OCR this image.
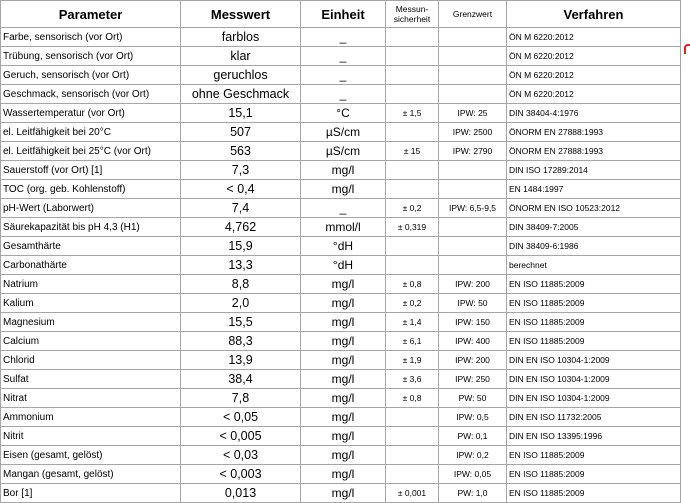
Parameter	Messwert	Einheit	Messun- sicherheit	Grenzwert	Verfahren
Farbe, sensorisch (vor Ort)	farblos	_			ÖN M 6220:2012
Trübung, sensorisch (vor Ort)	klar	_			ÖN M 6220:2012
Geruch, sensorisch (vor Ort)	geruchlos	_			ÖN M 6220:2012
Geschmack, sensorisch (vor Ort)	ohne Geschmack	_			ÖN M 6220:2012
Wassertemperatur (vor Ort)	15,1	°C	± 1,5	IPW: 25	DIN 38404-4:1976
el. Leitfähigkeit bei 20°C	507	µS/cm		IPW: 2500	ÖNORM EN 27888:1993
el. Leitfähigkeit bei 25°C (vor Ort)	563	µS/cm	± 15	IPW: 2790	ÖNORM EN 27888:1993
Sauerstoff (vor Ort) [1]	7,3	mg/l			DIN ISO 17289:2014
TOC (org. geb. Kohlenstoff)	< 0,4	mg/l			EN 1484:1997
pH-Wert (Laborwert)	7,4	_	± 0,2	IPW: 6,5-9,5	ÖNORM EN ISO 10523:2012
Säurekapazität bis pH 4,3 (H1)	4,762	mmol/l	± 0,319		DIN 38409-7:2005
Gesamthärte	15,9	°dH			DIN 38409-6:1986
Carbonathärte	13,3	°dH			berechnet
Natrium	8,8	mg/l	± 0,8	IPW: 200	EN ISO 11885:2009
Kalium	2,0	mg/l	± 0,2	IPW: 50	EN ISO 11885:2009
Magnesium	15,5	mg/l	± 1,4	IPW: 150	EN ISO 11885:2009
Calcium	88,3	mg/l	± 6,1	IPW: 400	EN ISO 11885:2009
Chlorid	13,9	mg/l	± 1,9	IPW: 200	DIN EN ISO 10304-1:2009
Sulfat	38,4	mg/l	± 3,6	IPW: 250	DIN EN ISO 10304-1:2009
Nitrat	7,8	mg/l	± 0,8	PW: 50	DIN EN ISO 10304-1:2009
Ammonium	< 0,05	mg/l		IPW: 0,5	DIN EN ISO 11732:2005
Nitrit	< 0,005	mg/l		PW: 0,1	DIN EN ISO 13395:1996
Eisen (gesamt, gelöst)	< 0,03	mg/l		IPW: 0,2	EN ISO 11885:2009
Mangan (gesamt, gelöst)	< 0,003	mg/l		IPW: 0,05	EN ISO 11885:2009
Bor [1]	0,013	mg/l	± 0,001	PW: 1,0	EN ISO 11885:2009
